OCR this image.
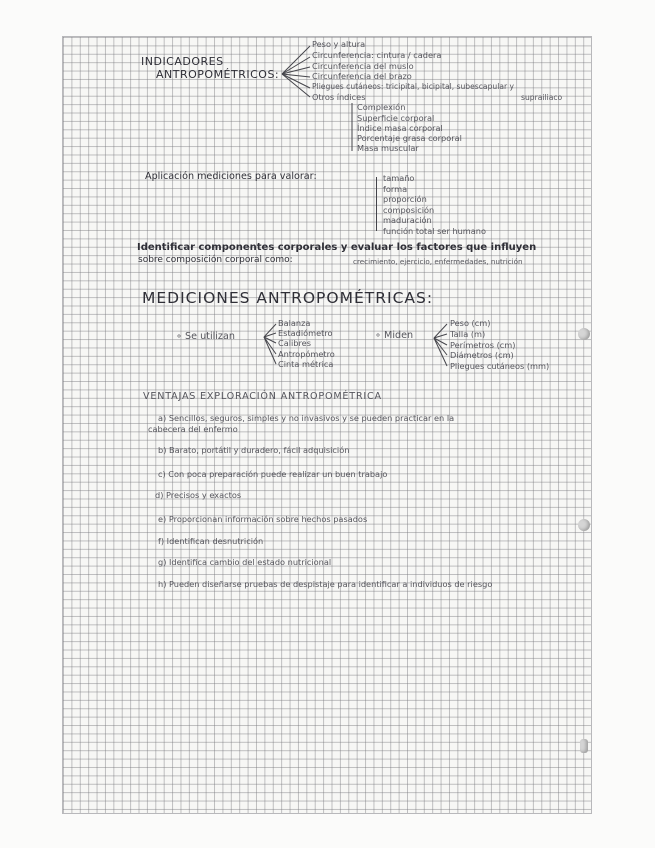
INDICADORES
ANTROPOMÉTRICOS:
Peso y altura
Circunferencia: cintura / cadera
Circunferencia del muslo
Circunferencia del brazo
Pliegues cutáneos: tricipital, bicipital, subescapular y
suprailiaco
Otros índices
Complexión
Superficie corporal
Índice masa corporal
Porcentaje grasa corporal
Masa muscular
Aplicación mediciones para valorar:	tamaño
forma
proporción
composición
maduración
función total ser humano
Identificar componentes corporales y evaluar los factores que influyen
sobre composición corporal como:	crecimiento, ejercicio, enfermedades, nutrición
MEDICIONES ANTROPOMÉTRICAS:
∘ Se utilizan
Balanza
Estadiómetro
Calibres
Antropómetro
Cinta métrica
∘ Miden
Peso (cm)
Talla (m)
Perímetros (cm)
Diámetros (cm)
Pliegues cutáneos (mm)
VENTAJAS EXPLORACIÓN ANTROPOMÉTRICA
a) Sencillos, seguros, simples y no invasivos y se pueden practicar en la
cabecera del enfermo
b) Barato, portátil y duradero, fácil adquisición
c) Con poca preparación puede realizar un buen trabajo
d) Precisos y exactos
e) Proporcionan información sobre hechos pasados
f) Identifican desnutrición
g) Identifica cambio del estado nutricional
h) Pueden diseñarse pruebas de despistaje para identificar a individuos de riesgo
